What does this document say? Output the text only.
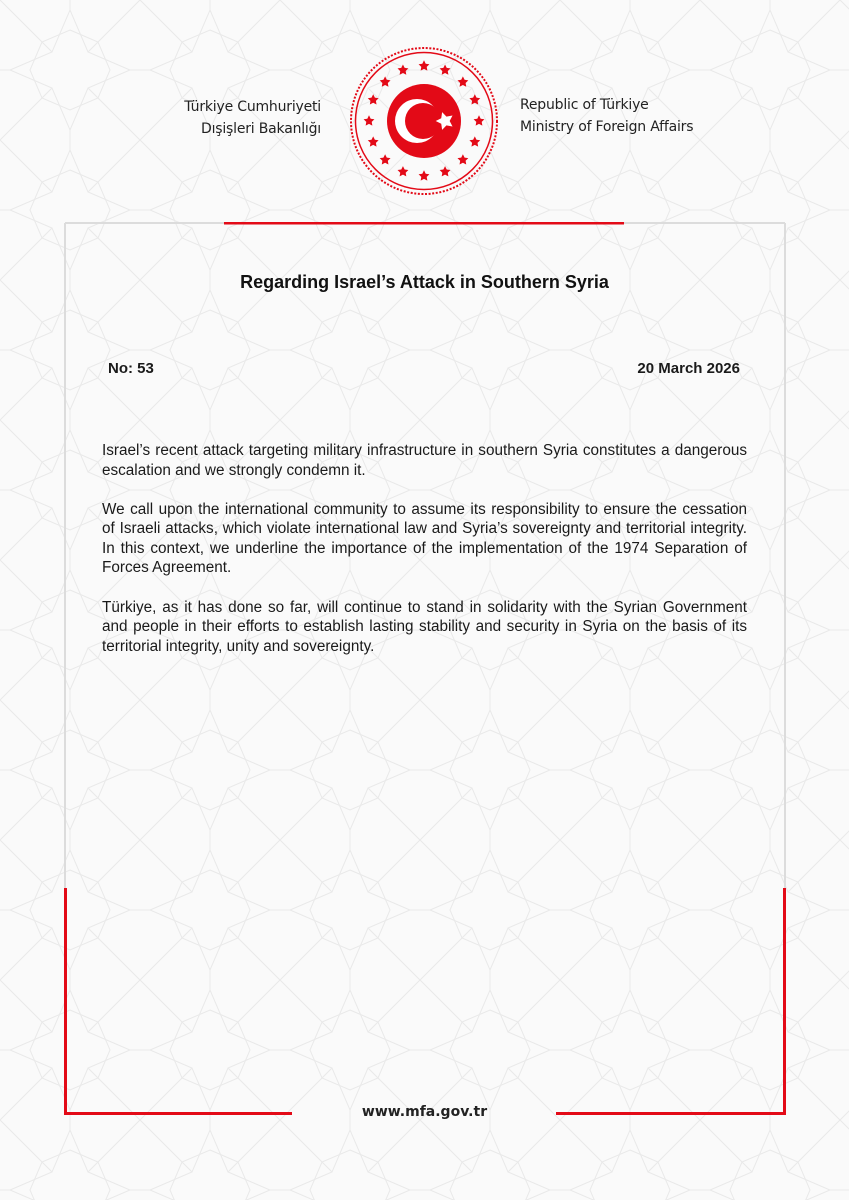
Türkiye Cumhuriyeti
Dışişleri Bakanlığı
Republic of Türkiye
Ministry of Foreign Affairs
Regarding Israel’s Attack in Southern Syria
No: 53	20 March 2026

Israel’s recent attack targeting military infrastructure in southern Syria constitutes a dangerous escalation and we strongly condemn it.

We call upon the international community to assume its responsibility to ensure the cessation of Israeli attacks, which violate international law and Syria’s sovereignty and territorial integrity. In this context, we underline the importance of the implementation of the 1974 Separation of Forces Agreement.

Türkiye, as it has done so far, will continue to stand in solidarity with the Syrian Government and people in their efforts to establish lasting stability and security in Syria on the basis of its territorial integrity, unity and sovereignty.

www.mfa.gov.tr
